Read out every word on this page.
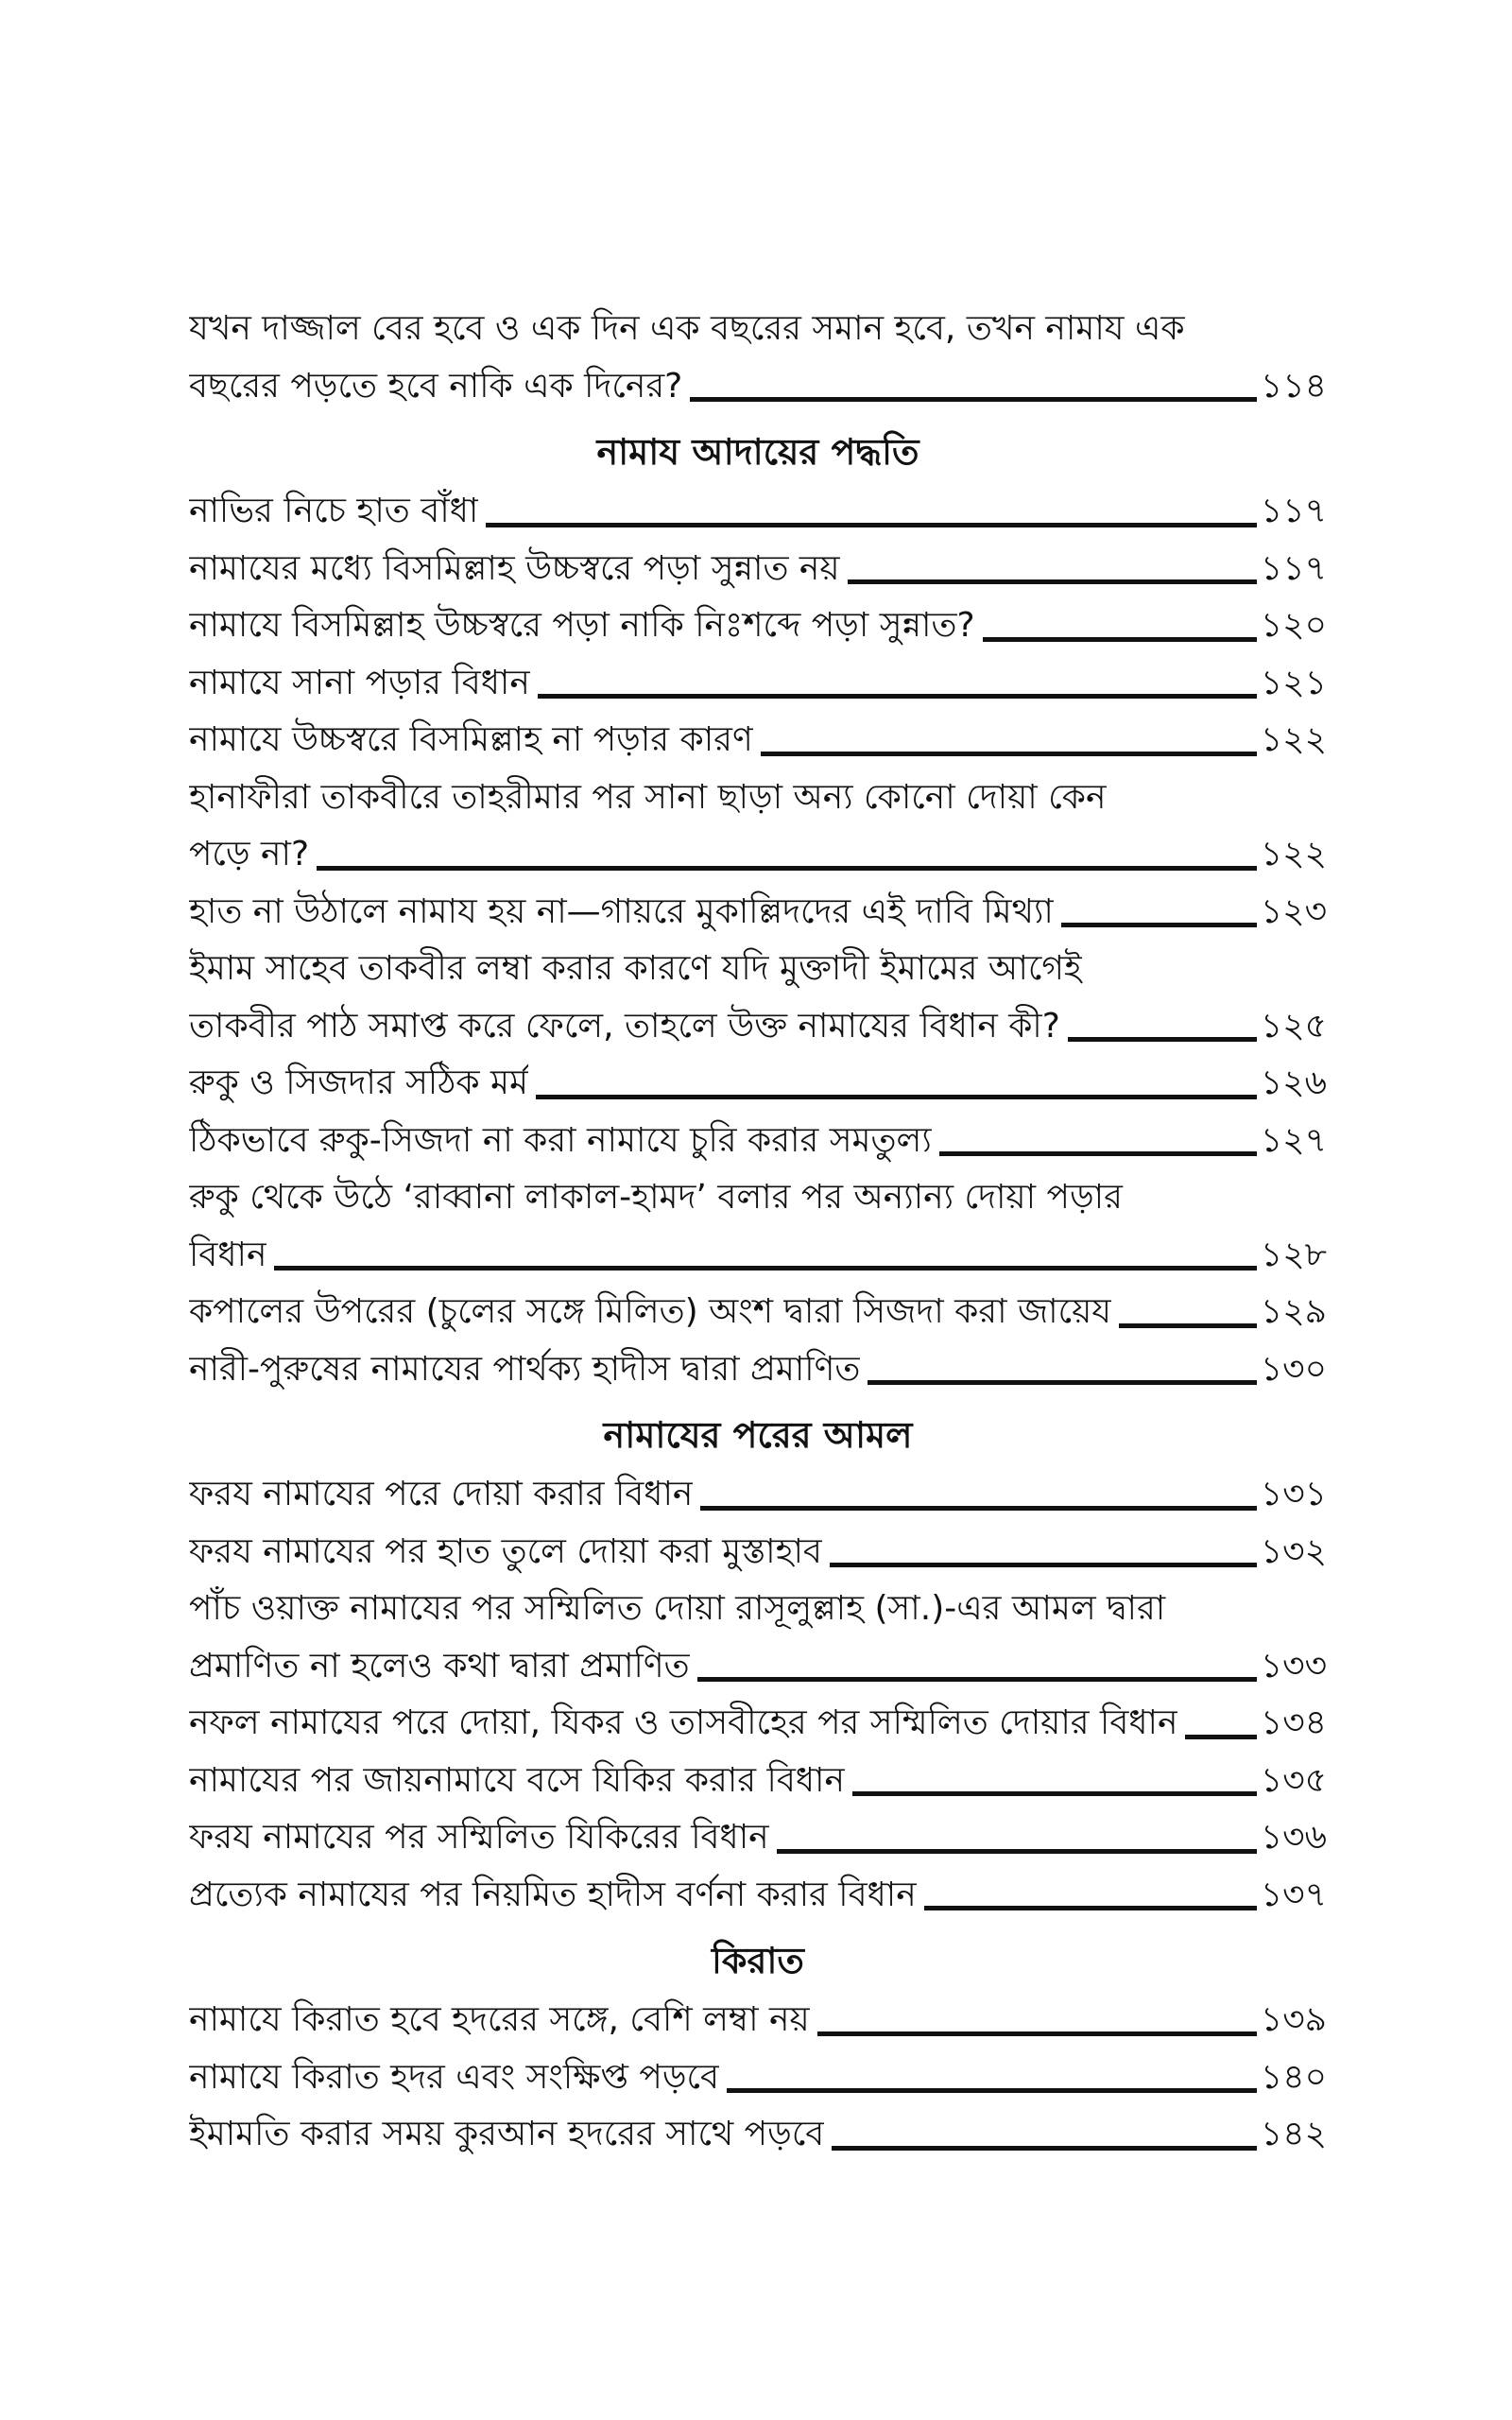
যখন দাজ্জাল বের হবে ও এক দিন এক বছরের সমান হবে, তখন নামায এক
বছরের পড়তে হবে নাকি এক দিনের?	১১৪
নামায আদায়ের পদ্ধতি
নাভির নিচে হাত বাঁধা	১১৭
নামাযের মধ্যে বিসমিল্লাহ উচ্চস্বরে পড়া সুন্নাত নয়	১১৭
নামাযে বিসমিল্লাহ উচ্চস্বরে পড়া নাকি নিঃশব্দে পড়া সুন্নাত?	১২০
নামাযে সানা পড়ার বিধান	১২১
নামাযে উচ্চস্বরে বিসমিল্লাহ না পড়ার কারণ	১২২
হানাফীরা তাকবীরে তাহরীমার পর সানা ছাড়া অন্য কোনো দোয়া কেন
পড়ে না?	১২২
হাত না উঠালে নামায হয় না—গায়রে মুকাল্লিদদের এই দাবি মিথ্যা	১২৩
ইমাম সাহেব তাকবীর লম্বা করার কারণে যদি মুক্তাদী ইমামের আগেই
তাকবীর পাঠ সমাপ্ত করে ফেলে, তাহলে উক্ত নামাযের বিধান কী?	১২৫
রুকু ও সিজদার সঠিক মর্ম	১২৬
ঠিকভাবে রুকু-সিজদা না করা নামাযে চুরি করার সমতুল্য	১২৭
রুকু থেকে উঠে ‘রাব্বানা লাকাল-হামদ’ বলার পর অন্যান্য দোয়া পড়ার
বিধান	১২৮
কপালের উপরের (চুলের সঙ্গে মিলিত) অংশ দ্বারা সিজদা করা জায়েয	১২৯
নারী-পুরুষের নামাযের পার্থক্য হাদীস দ্বারা প্রমাণিত	১৩০
নামাযের পরের আমল
ফরয নামাযের পরে দোয়া করার বিধান	১৩১
ফরয নামাযের পর হাত তুলে দোয়া করা মুস্তাহাব	১৩২
পাঁচ ওয়াক্ত নামাযের পর সম্মিলিত দোয়া রাসূলুল্লাহ (সা.)-এর আমল দ্বারা
প্রমাণিত না হলেও কথা দ্বারা প্রমাণিত	১৩৩
নফল নামাযের পরে দোয়া, যিকর ও তাসবীহের পর সম্মিলিত দোয়ার বিধান ১৩৪
নামাযের পর জায়নামাযে বসে যিকির করার বিধান	১৩৫
ফরয নামাযের পর সম্মিলিত যিকিরের বিধান	১৩৬
প্রত্যেক নামাযের পর নিয়মিত হাদীস বর্ণনা করার বিধান	১৩৭
কিরাত
নামাযে কিরাত হবে হদরের সঙ্গে, বেশি লম্বা নয়	১৩৯
নামাযে কিরাত হদর এবং সংক্ষিপ্ত পড়বে	১৪০
ইমামতি করার সময় কুরআন হদরের সাথে পড়বে	১৪২
